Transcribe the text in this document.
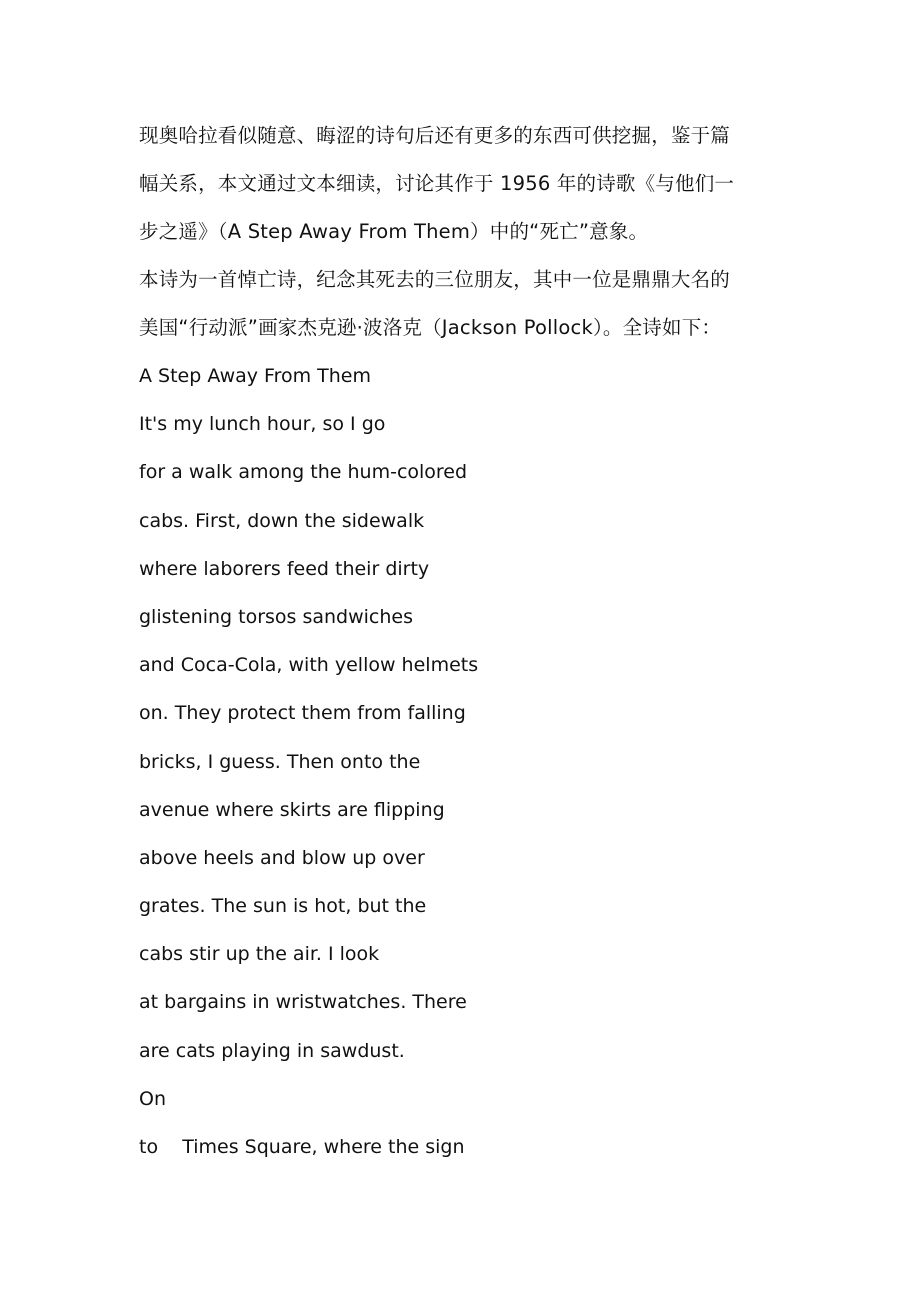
现奥哈拉看似随意、晦涩的诗句后还有更多的东西可供挖掘，鉴于篇
幅关系，本文通过文本细读，讨论其作于 1956 年的诗歌《与他们一
步之遥》（A Step Away From Them）中的“死亡”意象。
本诗为一首悼亡诗，纪念其死去的三位朋友，其中一位是鼎鼎大名的
美国“行动派”画家杰克逊·波洛克（Jackson Pollock）。全诗如下：
A Step Away From Them
It's my lunch hour, so I go
for a walk among the hum-colored
cabs. First, down the sidewalk
where laborers feed their dirty
glistening torsos sandwiches
and Coca-Cola, with yellow helmets
on. They protect them from falling
bricks, I guess. Then onto the
avenue where skirts are flipping
above heels and blow up over
grates. The sun is hot, but the
cabs stir up the air. I look
at bargains in wristwatches. There
are cats playing in sawdust.
On
to    Times Square, where the sign
